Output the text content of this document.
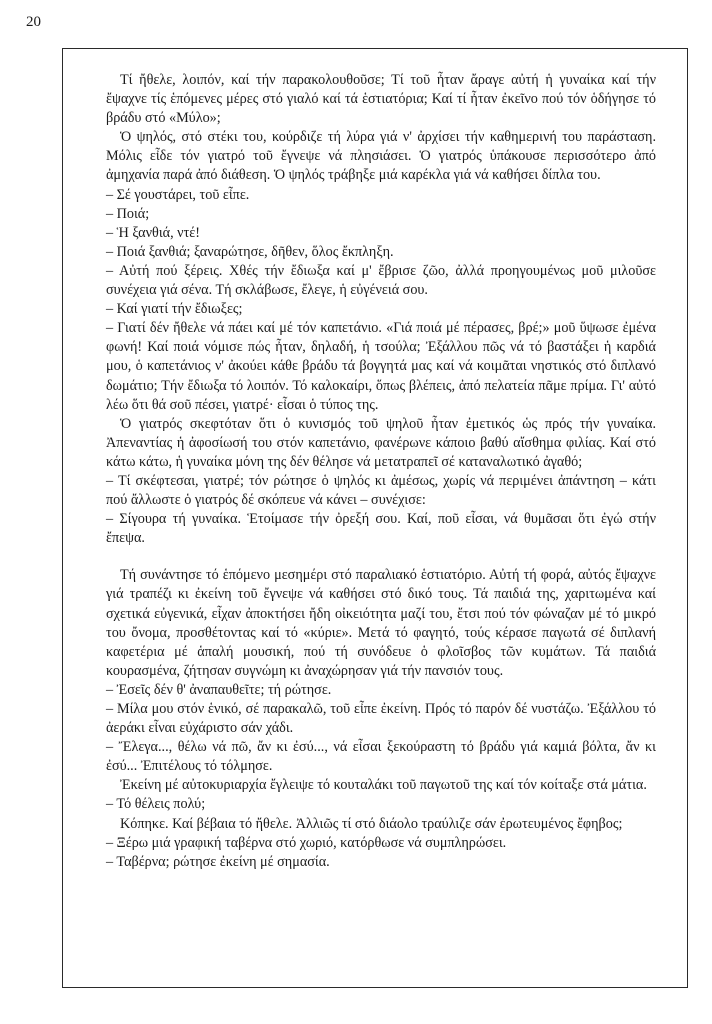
20

Τί ἤθελε, λοιπόν, καί τήν παρακολουθοῦσε; Τί τοῦ ἦταν ἄραγε αὐτή ἡ γυναίκα καί τήν ἔψαχνε τίς ἑπόμενες μέρες στό γιαλό καί τά ἑστιατόρια; Καί τί ἦταν ἐκεῖνο πού τόν ὁδήγησε τό βράδυ στό «Μύλο»;

Ὁ ψηλός, στό στέκι του, κούρδιζε τή λύρα γιά ν' ἀρχίσει τήν καθημερινή του παράσταση. Μόλις εἶδε τόν γιατρό τοῦ ἔγνεψε νά πλησιάσει. Ὁ γιατρός ὑπάκουσε περισσότερο ἀπό ἀμηχανία παρά ἀπό διάθεση. Ὁ ψηλός τράβηξε μιά καρέκλα γιά νά καθήσει δίπλα του.

– Σέ γουστάρει, τοῦ εἶπε.

– Ποιά;

– Ἡ ξανθιά, ντέ!

– Ποιά ξανθιά; ξαναρώτησε, δῆθεν, ὅλος ἔκπληξη.

– Αὐτή πού ξέρεις. Χθές τήν ἔδιωξα καί μ' ἔβρισε ζῶο, ἀλλά προηγουμένως μοῦ μιλοῦσε συνέχεια γιά σένα. Τή σκλάβωσε, ἔλεγε, ἡ εὐγένειά σου.

– Καί γιατί τήν ἔδιωξες;

– Γιατί δέν ἤθελε νά πάει καί μέ τόν καπετάνιο. «Γιά ποιά μέ πέρασες, βρέ;» μοῦ ὕψωσε ἐμένα φωνή! Καί ποιά νόμισε πώς ἦταν, δηλαδή, ἡ τσούλα; Ἐξάλλου πῶς νά τό βαστάξει ἡ καρδιά μου, ὁ καπετάνιος ν' ἀκούει κάθε βράδυ τά βογγητά μας καί νά κοιμᾶται νηστικός στό διπλανό δωμάτιο; Τήν ἔδιωξα τό λοιπόν. Τό καλοκαίρι, ὅπως βλέπεις, ἀπό πελατεία πᾶμε πρίμα. Γι' αὐτό λέω ὅτι θά σοῦ πέσει, γιατρέ· εἶσαι ὁ τύπος της.

Ὁ γιατρός σκεφτόταν ὅτι ὁ κυνισμός τοῦ ψηλοῦ ἦταν ἐμετικός ὡς πρός τήν γυναίκα. Ἀπεναντίας ἡ ἀφοσίωσή του στόν καπετάνιο, φανέρωνε κάποιο βαθύ αἴσθημα φιλίας. Καί στό κάτω κάτω, ἡ γυναίκα μόνη της δέν θέλησε νά μετατραπεῖ σέ καταναλωτικό ἀγαθό;

– Τί σκέφτεσαι, γιατρέ; τόν ρώτησε ὁ ψηλός κι ἀμέσως, χωρίς νά περιμένει ἀπάντηση – κάτι πού ἄλλωστε ὁ γιατρός δέ σκόπευε νά κάνει – συνέχισε:

– Σίγουρα τή γυναίκα. Ἑτοίμασε τήν ὀρεξή σου. Καί, ποῦ εἶσαι, νά θυμᾶσαι ὅτι ἐγώ στήν ἔπεψα.

Τή συνάντησε τό ἑπόμενο μεσημέρι στό παραλιακό ἑστιατόριο. Αὐτή τή φορά, αὐτός ἔψαχνε γιά τραπέζι κι ἐκείνη τοῦ ἔγνεψε νά καθήσει στό δικό τους. Τά παιδιά της, χαριτωμένα καί σχετικά εὐγενικά, εἶχαν ἀποκτήσει ἤδη οἰκειότητα μαζί του, ἔτσι πού τόν φώναζαν μέ τό μικρό του ὄνομα, προσθέτοντας καί τό «κύριε». Μετά τό φαγητό, τούς κέρασε παγωτά σέ διπλανή καφετέρια μέ ἁπαλή μουσική, πού τή συνόδευε ὁ φλοῖσβος τῶν κυμάτων. Τά παιδιά κουρασμένα, ζήτησαν συγνώμη κι ἀναχώρησαν γιά τήν πανσιόν τους.

– Ἐσεῖς δέν θ' ἀναπαυθεῖτε; τή ρώτησε.

– Μίλα μου στόν ἑνικό, σέ παρακαλῶ, τοῦ εἶπε ἐκείνη. Πρός τό παρόν δέ νυστάζω. Ἐξάλλου τό ἀεράκι εἶναι εὐχάριστο σάν χάδι.

– Ἔλεγα..., θέλω νά πῶ, ἄν κι ἐσύ..., νά εἶσαι ξεκούραστη τό βράδυ γιά καμιά βόλτα, ἄν κι ἐσύ... Ἐπιτέλους τό τόλμησε.

Ἐκείνη μέ αὐτοκυριαρχία ἔγλειψε τό κουταλάκι τοῦ παγωτοῦ της καί τόν κοίταξε στά μάτια.

– Τό θέλεις πολύ;

Κόπηκε. Καί βέβαια τό ἤθελε. Ἀλλιῶς τί στό διάολο τραύλιζε σάν ἐρωτευμένος ἔφηβος;

– Ξέρω μιά γραφική ταβέρνα στό χωριό, κατόρθωσε νά συμπληρώσει.

– Ταβέρνα; ρώτησε ἐκείνη μέ σημασία.
